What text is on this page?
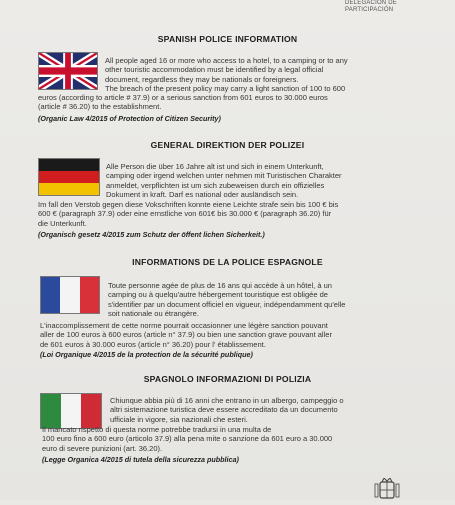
DELEGACIÓN DE
PARTICIPACIÓN
SPANISH POLICE INFORMATION
All people aged 16 or more who access to a hotel, to a camping or to any
other touristic accommodation must be identified by a legal official
document, regardless they may be nationals or foreigners.
The breach of the present policy may carry a light sanction of 100 to 600
euros (according to article # 37.9) or a serious sanction from 601 euros to 30.000 euros
(article # 36.20) to the establishment.
(Organic Law 4/2015 of Protection of Citizen Security)
GENERAL DIREKTION DER POLIZEI
Alle Person die über 16 Jahre alt ist und sich in einem Unterkunft,
camping oder irgend welchen unter nehmen mit Turistischen Charakter
anmeldet, verpflichten ist um sich zubeweisen durch ein offizielles
Dokument in kraft. Darf es national oder ausländisch sein.
Im fall den Verstob gegen diese Vokschriften konnte eiene Leichte strafe sein bis 100 € bis
600 € (paragraph 37.9) oder eine ernstliche von 601€ bis 30.000 € (paragraph 36.20) für
die Unterkunft.
(Organisch gesetz 4/2015 zum Schutz der öffent lichen Sicherkeit.)
INFORMATIONS DE LA POLICE ESPAGNOLE
Toute personne agée de plus de 16 ans qui accède à un hôtel, à un
camping ou à quelqu'autre hébergement touristique est obligée de
s'identifier par un document officiel en vigueur, indépendamment qu'elle
soit nationale ou étrangère.
L'inaccomplissement de cette norme pourrait occasionner une légère sanction pouvant
aller de 100 euros à 600 euros (article n° 37.9) ou bien une sanction grave pouvant aller
de 601 euros à 30.000 euros (article n° 36.20) pour l' établissement.
(Loi Organique 4/2015 de la protection de la sécurité publique)
SPAGNOLO INFORMAZIONI DI POLIZIA
Chiunque abbia più di 16 anni che entrano in un albergo, campeggio o
altri sistemazione turistica deve essere accreditato da un documento
ufficiale in vigore, sia nazionali che esteri.
Il mancato rispetto di questa norme potrebbe tradursi in una multa de
100 euro fino a 600 euro (articolo 37.9) alla pena mite o sanzione da 601 euro a 30.000
euro di severe punizioni (art. 36.20).
(Legge Organica 4/2015 di tutela della sicurezza pubblica)
